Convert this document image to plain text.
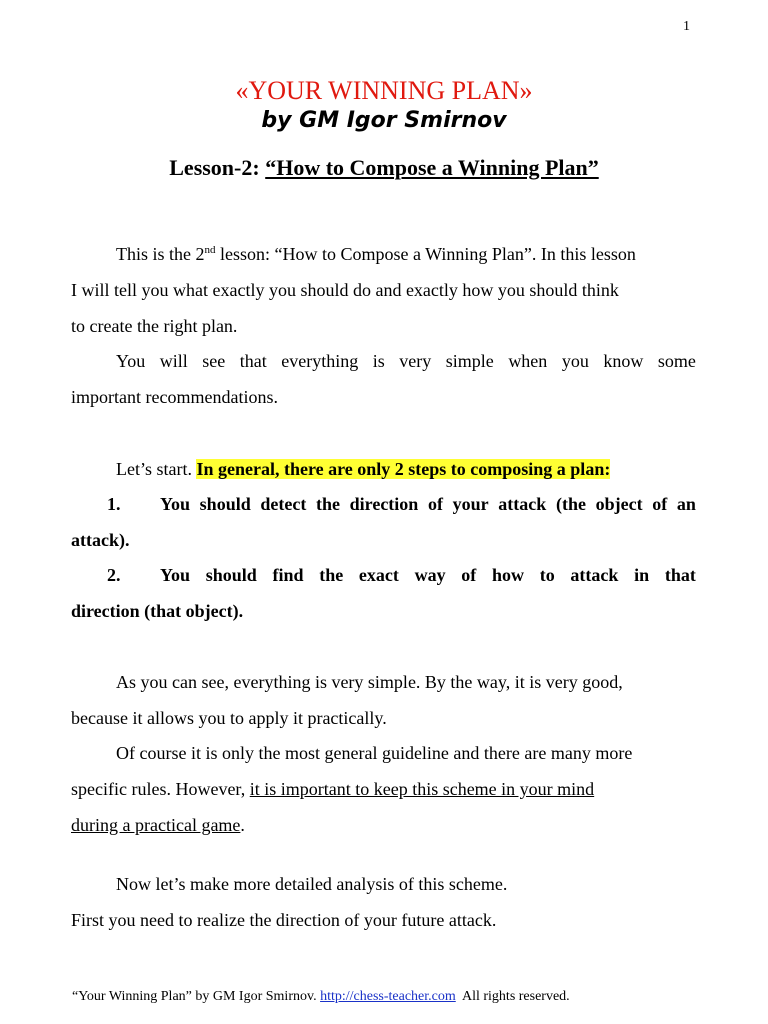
1
«YOUR WINNING PLAN»
by GM Igor Smirnov
Lesson-2: “How to Compose a Winning Plan”
This is the 2nd lesson: “How to Compose a Winning Plan”. In this lesson
I will tell you what exactly you should do and exactly how you should think
to create the right plan.
You will see that everything is very simple when you know some
important recommendations.
Let’s start. In general, there are only 2 steps to composing a plan:
1. You should detect the direction of your attack (the object of an
attack).
2. You should find the exact way of how to attack in that
direction (that object).
As you can see, everything is very simple. By the way, it is very good,
because it allows you to apply it practically.
Of course it is only the most general guideline and there are many more
specific rules. However, it is important to keep this scheme in your mind
during a practical game.
Now let’s make more detailed analysis of this scheme.
First you need to realize the direction of your future attack.
“Your Winning Plan” by GM Igor Smirnov. http://chess-teacher.com  All rights reserved.
